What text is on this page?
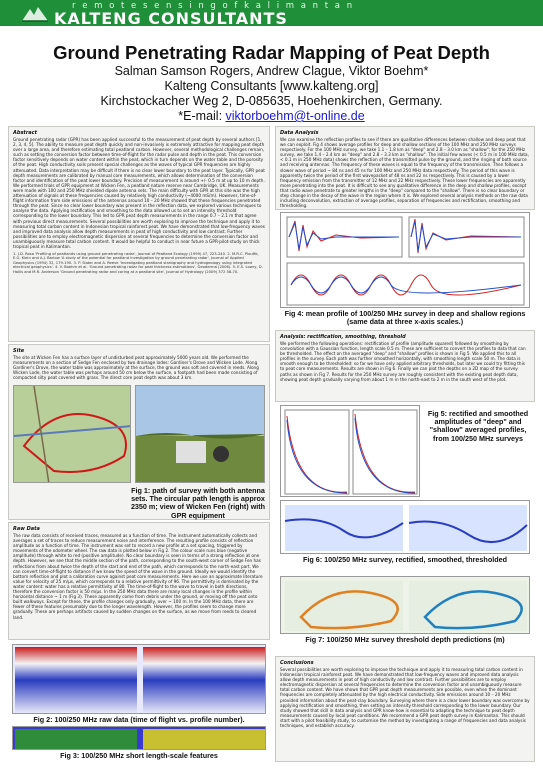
r e m o t e s e n s i n g o f k a l i m a n t a n
KALTENG CONSULTANTS
Ground Penetrating Radar Mapping of Peat Depth
Salman Samson Rogers, Andrew Clague, Viktor Boehm*
Kalteng Consultants [www.kalteng.org]
Kirchstockacher Weg 2, D-085635, Hoehenkirchen, Germany.
*E-mail: viktorboehm@t-online.de
Abstract
Ground penetrating radar (GPR) has been applied successful to the measurement of peat depth by several authors [1, 2, 3, 4, 5]. The ability to measure peat depth quickly and non-invasively is extremely attractive for mapping peat depth over a large area, and therefore estimating total peatland carbon. However, several methodological challenges remain, such as setting the conversion factor between time-of-flight for the radar pulse and depth in the peat. This conversion factor sensitively depends on water content within the peat, which in turn depends on the water table and the porosity of the peat. High conductivity soils present special challenges as the waves of typical GPR frequencies are highly attenuated. Data interpretation may be difficult if there is no clear lower boundary to the peat layer. Typically, GPR peat depth measurements are calibrated by manual core measurements, which allows determination of the conversion factor and identification of the peat lower boundary. Precision of measurement is around +/- 0.5 m at up to 10 m depth. We performed trials of GPR equipment at Wicken Fen, a peatland nature reserve near Cambridge, UK. Measurements were made with 100 and 250 MHz shielded dipole antenna sets. The main difficulty with GPR at this site was the high attenuation of signals at these frequencies caused by relatively high conductivity (~4000 mS/m). However, time-of-flight information from side emissions of the antennas around 10 – 20 MHz showed that these frequencies penetrated through the peat. Since no clear lower boundary was present in the reflection data, we explored various techniques to analyse the data. Applying rectification and smoothing to the data allowed us to set an intensity threshold corresponding to the lower boundary. This led to GPR peat depth measurements in the range 0.7 – 2.1 m that agree with previous direct measurements. Several possibilities are worth exploring to improve the technique and apply it to measuring total carbon content in Indonesian tropical rainforest peat. We have demonstrated that low-frequency waves and improved data analysis allow depth measurements in peat of high conductivity and low contrast. Further possibilities are to employ electromagnetic dispersion at several frequencies to determine the conversion factor and unambiguously measure total carbon content. It would be helpful to conduct in near future a GPR-pilot-study on thick tropical peat in Kalimantan.
1. J.D. Rosa 'Profiling of peatlands using ground penetrating radar', Journal of Peatland Ecology (1999) 47, 223-240. 2. M.R.C. Plouffe, E.G. Klein and A.J. Barlow 'A study of the potential for peatland investigation by ground penetrating radar', Journal of Applied Geophysics (1994) 32, 179-190. 3. P. Slater and A. Reeve 'Investigating peatland stratigraphy and hydrogeology using integrated electrical geophysics'. 4. V. Boehm et al. 'Ground penetrating radar for peat thickness estimations', Geoderma (2006). 5. E.S. Lowry, D. Hollis and M.R. Anderson 'Ground penetrating radar and coring at a peatland site', Journal of Hydrology (2009) 372 58-70.
Site
The site at Wicken Fen has a surface layer of undisturbed peat approximately 5000 years old. We performed the measurements on a section of Sedge Fen enclosed by two drainage lodes: Gardiner's Drove and Wicken Lode. Along Gardiner's Drove, the water table was approximately at the surface, the ground was soft and covered in reeds. Along Wicken Lode, the water table was perhaps around 50 cm below the surface, a footpath had been made consisting of compacted silty peat covered with grass. The direct core peat depth was about 3 km.
Fig 1: path of survey with both antenna sets. The circular path length is approx 2350 m; view of Wicken Fen (right) with GPR equipment
Raw Data
The raw data consists of received traces, measured as a function of time. The instrument automatically collects and averages a set of traces to reduce measurement noise and interference. The resulting profile consists of reflection amplitude as a function of time. The instrument was set to record a new profile at a set spacing, triggered by movements of the odometer wheel. The raw data is plotted below in Fig 2. The colour scale runs blue (negative amplitude) through white to red (positive amplitude). No clear boundary is seen in terms of a strong reflection at one depth. However, we see that the middle section of the path, corresponding to the south-west corner of Sedge Fen has reflections from about twice the depth of the start and end of the path, which corresponds to the north-east part. We can convert time-of-flight to distance if we know the speed of the wave in the ground. Ideally we would identify the bottom reflection and plot a calibration curve against peat core measurements. Here we use an approximate literature value for velocity of 25 m/µs, which corresponds to a relative permittivity of 96. The permittivity is dominated by the water content: water has a relative permittivity of 80. The time-of-flight to the wave to travel in both directions, therefore the conversion factor is 50 m/µs. In the 250 MHz data there are many local changes in the profile within horizontal distance ~ 1 m (Fig 3). These apparently come from debris under the ground, or moving off the peat onto built walkways. Except for these, the profile changes only gradually, over ~ 100 m. In the 100 MHz data, there are fewer of these features presumably due to the longer wavelength. However, the profiles seem to change more gradually. These are perhaps artifacts caused by sudden changes on the surface, as we move from reeds to cleared land.
Fig 2: 100/250 MHz raw data (time of flight vs. profile number).
Fig 3: 100/250 MHz short length-scale features
Data Analysis
We can examine the reflection profiles to see if there are qualitative differences between shallow and deep peat that we can exploit. Fig 4 shows average profiles for deep and shallow sections of the 100 MHz and 250 MHz surveys respectively. For the 100 MHz survey, we take 1.1 – 1.8 km as "deep" and 2.8 – 3.0 km as "shallow"; for the 250 MHz survey, we take 1.4 – 2.4 km as "deep" and 2.8 – 3.3 km as "shallow". The initial few waves (< 0.5 m in 100 MHz data, < 0.1 m in 250 MHz data) shows the reflection of the transmitted pulse by the ground, and the ringing of both source and receiving antennas. The frequency of these waves is equal to the frequency of the transmission. Then follows a slower wave of period ~ 84 ns and 45 ns for 100 MHz and 250 MHz data respectively. The period of this wave is apparently twice the period of the first wavepacket of 48 ns and 22 ns respectively. This is caused by a lower frequency emission from the transmitter of 12 MHz and 22 MHz respectively. These lower frequencies are apparently more penetrating into the peat. It is difficult to see any qualitative difference in the deep and shallow profiles, except that radio wave penetrate to greater lengths in the "deep" compared to the "shallow". There is no clear boundary or step change in the decay of the wave in the region where it is. We explored several analysis methods on the raw data including deconvolution, extraction of average profiles, separation of frequencies and rectification, smoothing and thresholding.
Fig 4: mean profile of 100/250 MHz survey in deep and shallow regions (same data at three x-axis scales.)
Analysis: rectification, smoothing, threshold
We performed the following operations: rectification of profile (amplitude squared) followed by smoothing by convolution with a Gaussian function, length scale 0.5 m. These are sufficient to convert the profiles to data that can be thresholded. The effect on the averaged "deep" and "shallow" profiles is shown in Fig 5. We applied this to all profiles in the survey. Each path was further smoothed horizontally, with smoothing length scale 50 m. The data is smooth enough to be thresholded: so far we have only applied arbitrary thresholds, but later we could try fitting this to peat core measurements. Results are shown in Fig 6. Finally we can plot the depths on a 2D map of the survey paths as shown in Fig 7. Results for the 250 MHz survey are roughly consistent with the existing peat depth data, showing peat depth gradually varying from about 1 m in the north-east to 2 m in the south west of the plot.
Fig 5: rectified and smoothed amplitudes of "deep" and "shallow" averaged profiles, from 100/250 MHz surveys
Fig 6: 100/250 MHz survey, rectified, smoothed, thresholded
Fig 7: 100/250 MHz survey threshold depth predictions (m)
Conclusions
Several possibilities are worth exploring to improve the technique and apply it to measuring total carbon content in Indonesian tropical rainforest peat. We have demonstrated that low-frequency waves and improved data analysis allow depth measurements in peat of high conductivity and low contrast. Further possibilities are to employ electromagnetic dispersion at several frequencies to determine the conversion factor and unambiguously measure total carbon content. We have shown that GPR peat depth measurements are possible, even when the dominant frequencies are completely attenuated by the high electrical conductivity. Side emissions around 10 – 20 MHz provided information about the peat-clay boundary. Surveying where there is a clear lower boundary was overcome by applying rectification and smoothing, then setting an intensity threshold corresponding to the lower boundary. Our study showed that skill in data analysis and GPR know-how is essential to adapting the technique to peat depth measurements caused by local peat conditions. We recommend a GPR peat depth survey in Kalimantan. This should start with a pilot feasibility study, to customise the method by investigating a range of frequencies and data analysis techniques, and establish accuracy.
